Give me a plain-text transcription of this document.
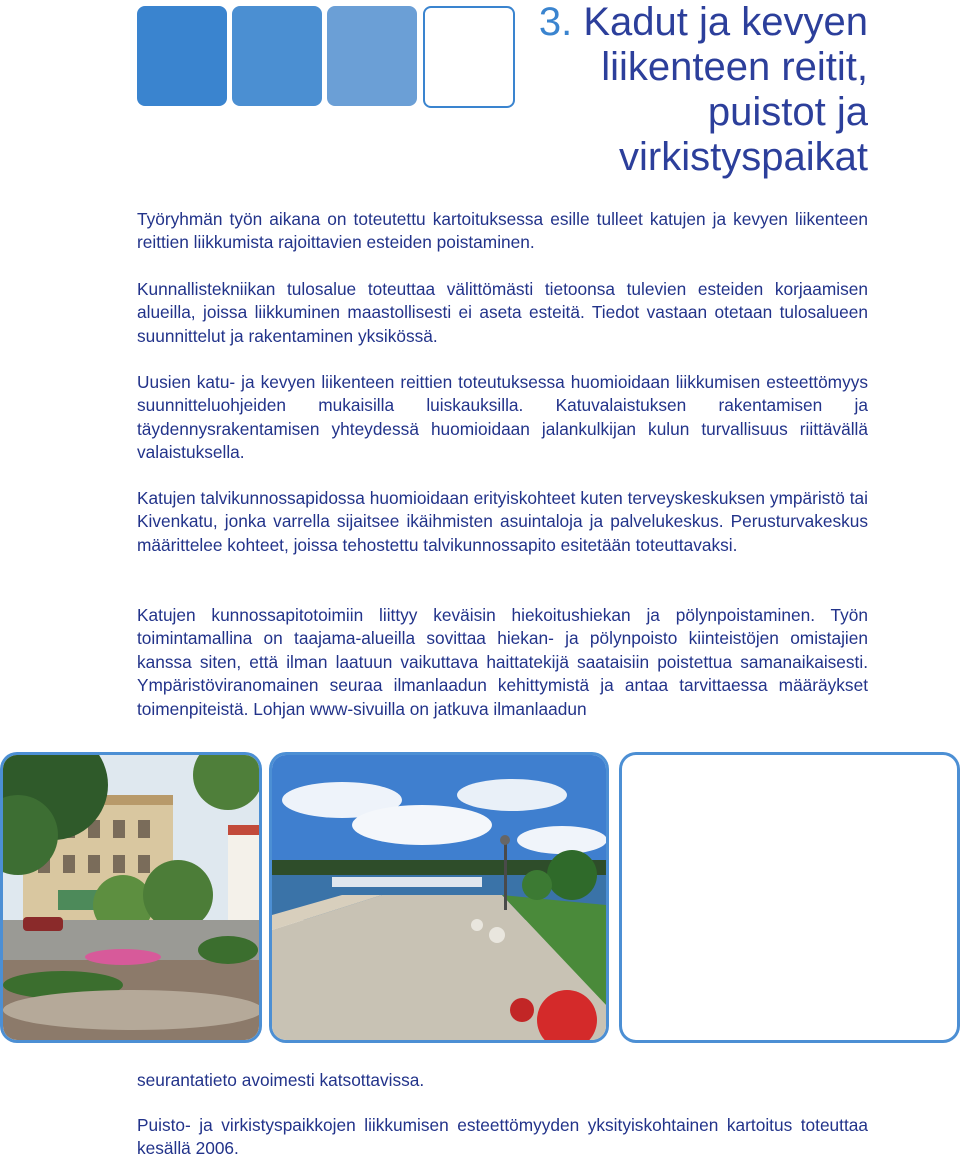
3. Kadut ja kevyen
liikenteen reitit,
puistot ja
virkistyspaikat

Työryhmän työn aikana on toteutettu kartoituksessa esille tulleet katujen ja kevyen liikenteen reittien liikkumista rajoittavien esteiden poistaminen.

Kunnallistekniikan tulosalue toteuttaa välittömästi tietoonsa tulevien esteiden korjaamisen alueilla, joissa liikkuminen maastollisesti ei aseta esteitä. Tiedot vastaan otetaan tulosalueen suunnittelut ja rakentaminen yksikössä.

Uusien katu- ja kevyen liikenteen reittien toteutuksessa huomioidaan liikkumisen esteettömyys suunnitteluohjeiden mukaisilla luiskauksilla. Katuvalaistuksen rakentamisen ja täydennysrakentamisen yhteydessä huomioidaan jalankulkijan kulun turvallisuus riittävällä valaistuksella.

Katujen talvikunnossapidossa huomioidaan erityiskohteet kuten terveyskeskuksen ympäristö tai Kivenkatu, jonka varrella sijaitsee ikäihmisten asuintaloja ja palvelukeskus. Perusturvakeskus määrittelee kohteet, joissa tehostettu talvikunnossapito esitetään toteuttavaksi.

Katujen kunnossapitotoimiin liittyy keväisin hiekoitushiekan ja pölynpoistaminen. Työn toimintamallina on taajama-alueilla sovittaa hiekan- ja pölynpoisto kiinteistöjen omistajien kanssa siten, että ilman laatuun vaikuttava haittatekijä saataisiin poistettua samanaikaisesti. Ympäristöviranomainen seuraa ilmanlaadun kehittymistä ja antaa tarvittaessa määräykset toimenpiteistä. Lohjan www-sivuilla on jatkuva ilmanlaadun

seurantatieto avoimesti katsottavissa.

Puisto- ja virkistyspaikkojen liikkumisen esteettömyyden yksityiskohtainen kartoitus toteuttaa kesällä 2006.
